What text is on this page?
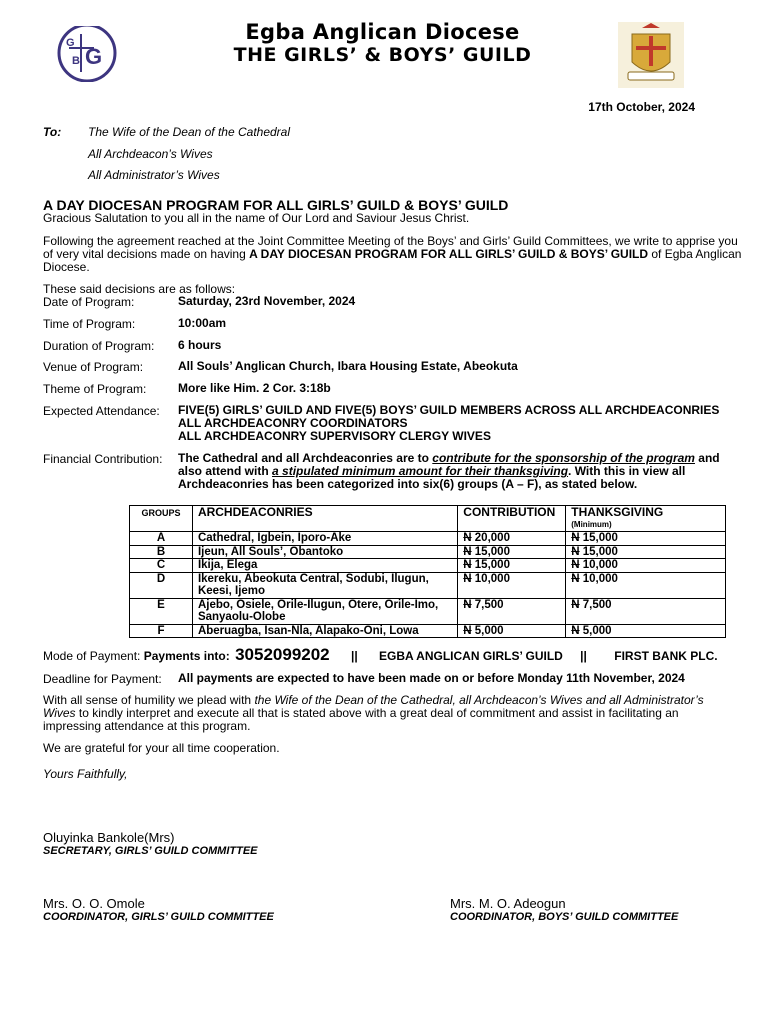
G
B G
Egba Anglican Diocese
THE GIRLS’ & BOYS’ GUILD
17th October, 2024
To: The Wife of the Dean of the Cathedral
All Archdeacon’s Wives
All Administrator’s Wives
A DAY DIOCESAN PROGRAM FOR ALL GIRLS’ GUILD & BOYS’ GUILD
Gracious Salutation to you all in the name of Our Lord and Saviour Jesus Christ.
Following the agreement reached at the Joint Committee Meeting of the Boys’ and Girls’ Guild Committees, we write to apprise you of very vital decisions made on having A DAY DIOCESAN PROGRAM FOR ALL GIRLS’ GUILD & BOYS’ GUILD of Egba Anglican Diocese.
These said decisions are as follows:
Date of Program:	Saturday, 23rd November, 2024
Time of Program:	10:00am
Duration of Program: 6 hours
Venue of Program:	All Souls’ Anglican Church, Ibara Housing Estate, Abeokuta
Theme of Program:	More like Him. 2 Cor. 3:18b
Expected Attendance: FIVE(5) GIRLS’ GUILD AND FIVE(5) BOYS’ GUILD MEMBERS ACROSS ALL ARCHDEACONRIES
ALL ARCHDEACONRY COORDINATORS
ALL ARCHDEACONRY SUPERVISORY CLERGY WIVES
Financial Contribution: The Cathedral and all Archdeaconries are to contribute for the sponsorship of the program and also attend with a stipulated minimum amount for their thanksgiving. With this in view all Archdeaconries has been categorized into six(6) groups (A – F), as stated below.
GROUPS	ARCHDEACONRIES	CONTRIBUTION	THANKSGIVING
(Minimum)

A	Cathedral, Igbein, Iporo-Ake	N 20,000	N 15,000
B	Ijeun, All Souls’, Obantoko	N 15,000	N 15,000
C	Ikija, Elega	N 15,000	N 10,000
D	Ikereku, Abeokuta Central, Sodubi, Ilugun, Keesi, Ijemo	N 10,000	N 10,000
E	Ajebo, Osiele, Orile-Ilugun, Otere, Orile-Imo, Sanyaolu-Olobe	N 7,500	N 7,500
F	Aberuagba, Isan-Nla, Alapako-Oni, Lowa	N 5,000	N 5,000
Mode of Payment: Payments into: 3052099202 || EGBA ANGLICAN GIRLS’ GUILD || FIRST BANK PLC.
Deadline for Payment: All payments are expected to have been made on or before Monday 11th November, 2024
With all sense of humility we plead with the Wife of the Dean of the Cathedral, all Archdeacon’s Wives and all Administrator’s Wives to kindly interpret and execute all that is stated above with a great deal of commitment and assist in facilitating an impressing attendance at this program.
We are grateful for your all time cooperation.
Yours Faithfully,
Oluyinka Bankole(Mrs)
SECRETARY, GIRLS’ GUILD COMMITTEE
Mrs. O. O. Omole
COORDINATOR, GIRLS’ GUILD COMMITTEE
Mrs. M. O. Adeogun
COORDINATOR, BOYS’ GUILD COMMITTEE
